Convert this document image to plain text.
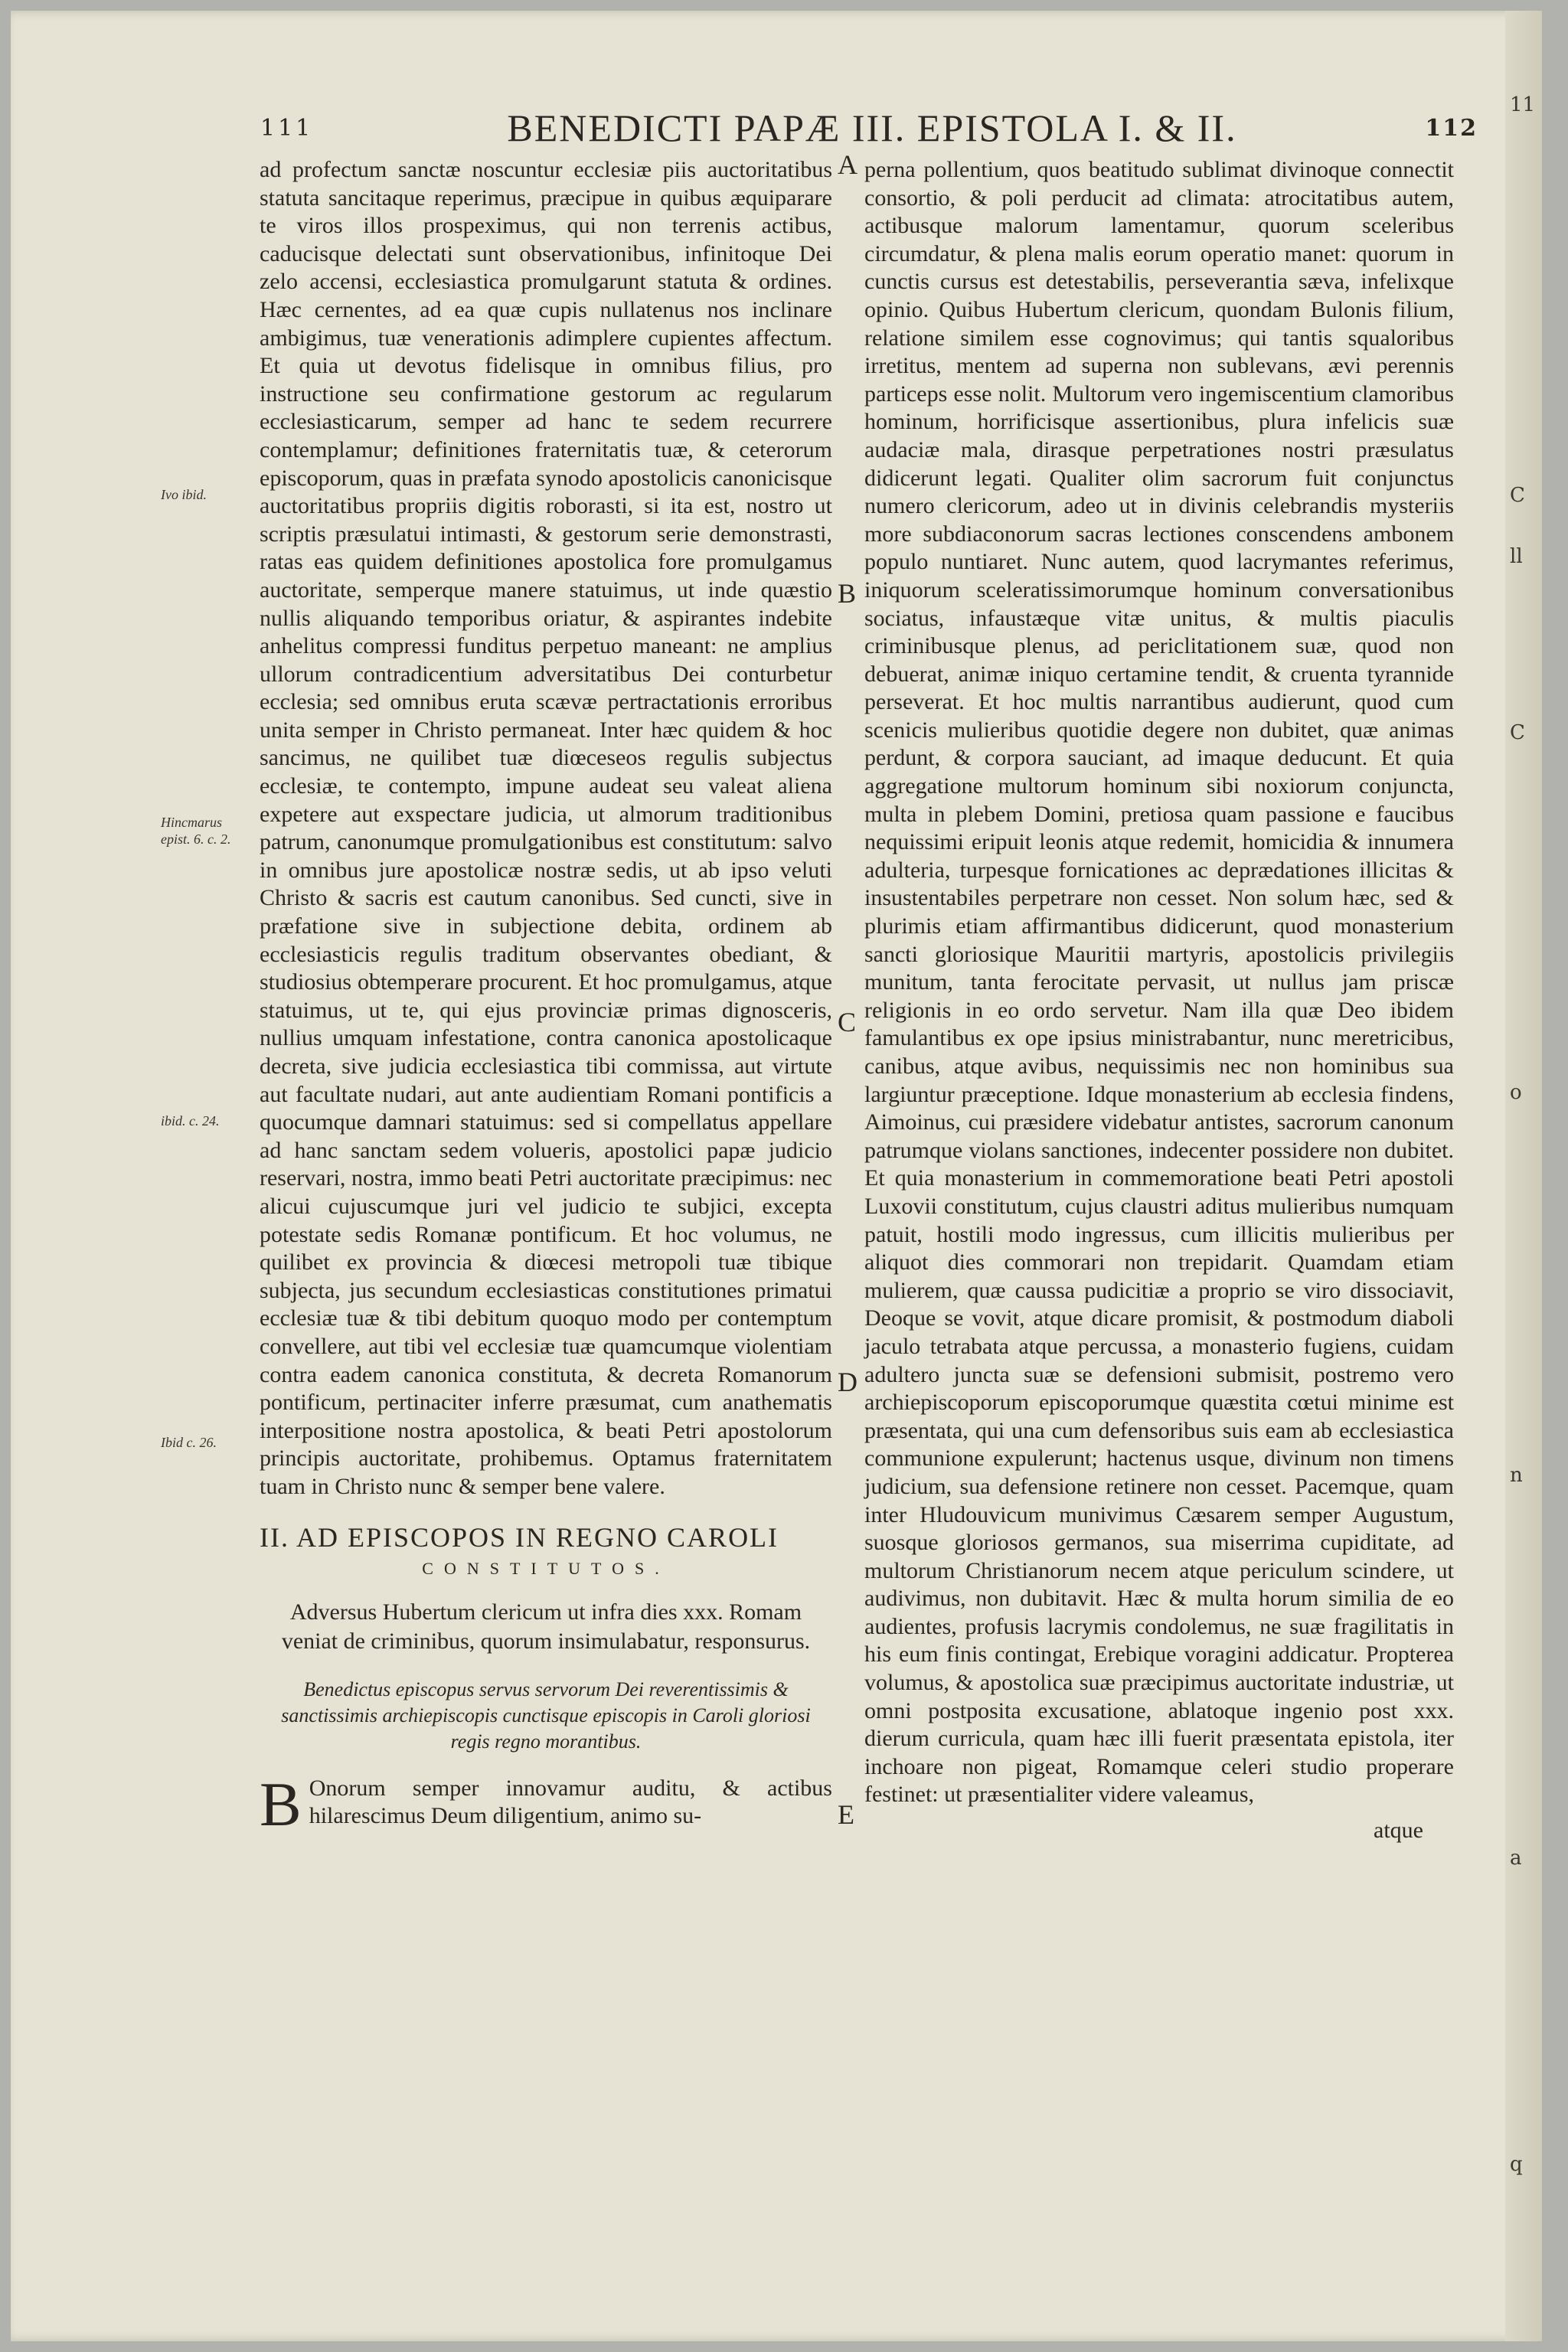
111	BENEDICTI PAPÆ III. EPISTOLA I. & II.	112
Ivo ibid.
Hincmarus epist. 6. c. 2.
ibid. c. 24.
Ibid c. 26.

ad profectum sanctæ noscuntur ecclesiæ piis auctoritatibus statuta sancitaque reperimus, præcipue in quibus æquiparare te viros illos prospeximus, qui non terrenis actibus, caducisque delectati sunt observationibus, infinitoque Dei zelo accensi, ecclesiastica promulgarunt statuta & ordines. Hæc cernentes, ad ea quæ cupis nullatenus nos inclinare ambigimus, tuæ venerationis adimplere cupientes affectum. Et quia ut devotus fidelisque in omnibus filius, pro instructione seu confirmatione gestorum ac regularum ecclesiasticarum, semper ad hanc te sedem recurrere contemplamur; definitiones fraternitatis tuæ, & ceterorum episcoporum, quas in præfata synodo apostolicis canonicisque auctoritatibus propriis digitis roborasti, si ita est, nostro ut scriptis præsulatui intimasti, & gestorum serie demonstrasti, ratas eas quidem definitiones apostolica fore promulgamus auctoritate, semperque manere statuimus, ut inde quæstio nullis aliquando temporibus oriatur, & aspirantes indebite anhelitus compressi funditus perpetuo maneant: ne amplius ullorum contradicentium adversitatibus Dei conturbetur ecclesia; sed omnibus eruta scævæ pertractationis erroribus unita semper in Christo permaneat. Inter hæc quidem & hoc sancimus, ne quilibet tuæ diœceseos regulis subjectus ecclesiæ, te contempto, impune audeat seu valeat aliena expetere aut exspectare judicia, ut almorum traditionibus patrum, canonumque promulgationibus est constitutum: salvo in omnibus jure apostolicæ nostræ sedis, ut ab ipso veluti Christo & sacris est cautum canonibus. Sed cuncti, sive in præfatione sive in subjectione debita, ordinem ab ecclesiasticis regulis traditum observantes obediant, & studiosius obtemperare procurent. Et hoc promulgamus, atque statuimus, ut te, qui ejus provinciæ primas dignosceris, nullius umquam infestatione, contra canonica apostolicaque decreta, sive judicia ecclesiastica tibi commissa, aut virtute aut facultate nudari, aut ante audientiam Romani pontificis a quocumque damnari statuimus: sed si compellatus appellare ad hanc sanctam sedem volueris, apostolici papæ judicio reservari, nostra, immo beati Petri auctoritate præcipimus: nec alicui cujuscumque juri vel judicio te subjici, excepta potestate sedis Romanæ pontificum. Et hoc volumus, ne quilibet ex provincia & diœcesi metropoli tuæ tibique subjecta, jus secundum ecclesiasticas constitutiones primatui ecclesiæ tuæ & tibi debitum quoquo modo per contemptum convellere, aut tibi vel ecclesiæ tuæ quamcumque violentiam contra eadem canonica constituta, & decreta Romanorum pontificum, pertinaciter inferre præsumat, cum anathematis interpositione nostra apostolica, & beati Petri apostolorum principis auctoritate, prohibemus. Optamus fraternitatem tuam in Christo nunc & semper bene valere.

II. AD EPISCOPOS IN REGNO CAROLI
CONSTITUTOS.
Adversus Hubertum clericum ut infra dies xxx. Romam veniat de criminibus, quorum insimulabatur, responsurus.
Benedictus episcopus servus servorum Dei reverentissimis & sanctissimis archiepiscopis cunctisque episcopis in Caroli gloriosi regis regno morantibus.

B Onorum semper innovamur auditu, & actibus hilarescimus Deum diligentium, animo su-

A
B
C
D
E

perna pollentium, quos beatitudo sublimat divinoque connectit consortio, & poli perducit ad climata: atrocitatibus autem, actibusque malorum lamentamur, quorum sceleribus circumdatur, & plena malis eorum operatio manet: quorum in cunctis cursus est detestabilis, perseverantia sæva, infelixque opinio. Quibus Hubertum clericum, quondam Bulonis filium, relatione similem esse cognovimus; qui tantis squaloribus irretitus, mentem ad superna non sublevans, ævi perennis particeps esse nolit. Multorum vero ingemiscentium clamoribus hominum, horrificisque assertionibus, plura infelicis suæ audaciæ mala, dirasque perpetrationes nostri præsulatus didicerunt legati. Qualiter olim sacrorum fuit conjunctus numero clericorum, adeo ut in divinis celebrandis mysteriis more subdiaconorum sacras lectiones conscendens ambonem populo nuntiaret. Nunc autem, quod lacrymantes referimus, iniquorum sceleratissimorumque hominum conversationibus sociatus, infaustæque vitæ unitus, & multis piaculis criminibusque plenus, ad periclitationem suæ, quod non debuerat, animæ iniquo certamine tendit, & cruenta tyrannide perseverat. Et hoc multis narrantibus audierunt, quod cum scenicis mulieribus quotidie degere non dubitet, quæ animas perdunt, & corpora sauciant, ad imaque deducunt. Et quia aggregatione multorum hominum sibi noxiorum conjuncta, multa in plebem Domini, pretiosa quam passione e faucibus nequissimi eripuit leonis atque redemit, homicidia & innumera adulteria, turpesque fornicationes ac deprædationes illicitas & insustentabiles perpetrare non cesset. Non solum hæc, sed & plurimis etiam affirmantibus didicerunt, quod monasterium sancti gloriosique Mauritii martyris, apostolicis privilegiis munitum, tanta ferocitate pervasit, ut nullus jam priscæ religionis in eo ordo servetur. Nam illa quæ Deo ibidem famulantibus ex ope ipsius ministrabantur, nunc meretricibus, canibus, atque avibus, nequissimis nec non hominibus sua largiuntur præceptione. Idque monasterium ab ecclesia findens, Aimoinus, cui præsidere videbatur antistes, sacrorum canonum patrumque violans sanctiones, indecenter possidere non dubitet. Et quia monasterium in commemoratione beati Petri apostoli Luxovii constitutum, cujus claustri aditus mulieribus numquam patuit, hostili modo ingressus, cum illicitis mulieribus per aliquot dies commorari non trepidarit. Quamdam etiam mulierem, quæ caussa pudicitiæ a proprio se viro dissociavit, Deoque se vovit, atque dicare promisit, & postmodum diaboli jaculo tetrabata atque percussa, a monasterio fugiens, cuidam adultero juncta suæ se defensioni submisit, postremo vero archiepiscoporum episcoporumque quæstita cœtui minime est præsentata, qui una cum defensoribus suis eam ab ecclesiastica communione expulerunt; hactenus usque, divinum non timens judicium, sua defensione retinere non cesset. Pacemque, quam inter Hludouvicum munivimus Cæsarem semper Augustum, suosque gloriosos germanos, sua miserrima cupiditate, ad multorum Christianorum necem atque periculum scindere, ut audivimus, non dubitavit. Hæc & multa horum similia de eo audientes, profusis lacrymis condolemus, ne suæ fragilitatis in his eum finis contingat, Erebique voragini addicatur. Propterea volumus, & apostolica suæ præcipimus auctoritate industriæ, ut omni postposita excusatione, ablatoque ingenio post xxx. dierum curricula, quam hæc illi fuerit præsentata epistola, iter inchoare non pigeat, Romamque celeri studio properare festinet: ut præsentialiter videre valeamus,

atque
11
C
ll
C
o
n
a
q
